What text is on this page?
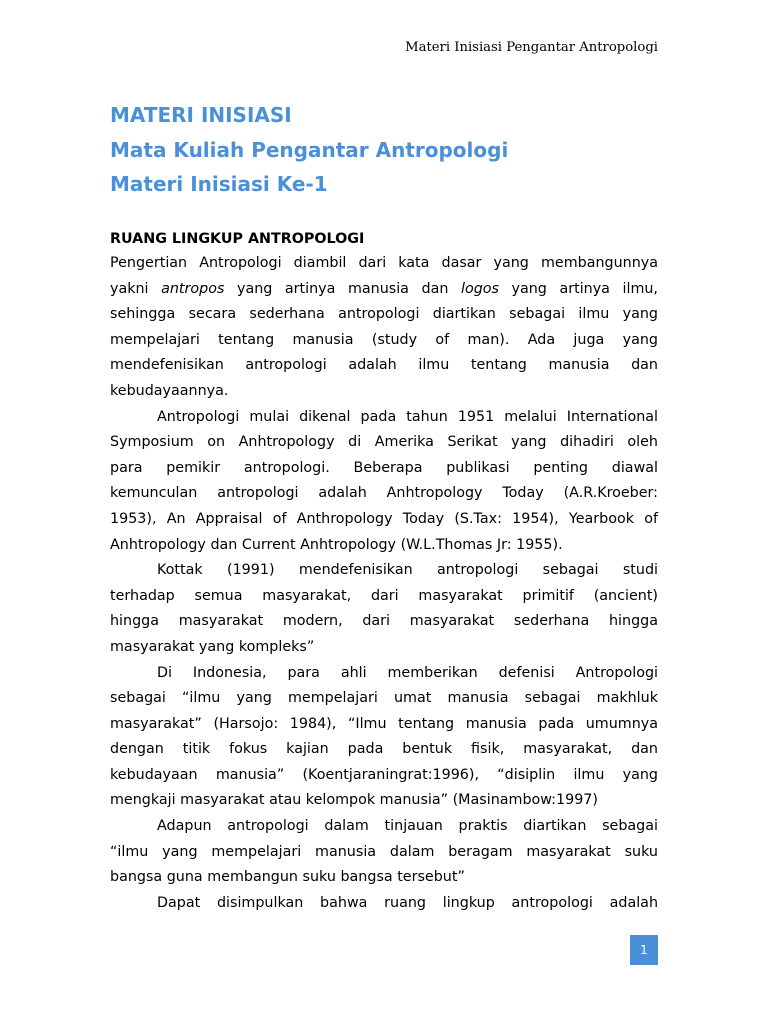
Materi Inisiasi Pengantar Antropologi
MATERI INISIASI
Mata Kuliah Pengantar Antropologi
Materi Inisiasi Ke-1
RUANG LINGKUP ANTROPOLOGI
Pengertian Antropologi diambil dari kata dasar yang membangunnya
yakni antropos yang artinya manusia dan logos yang artinya ilmu,
sehingga secara sederhana antropologi diartikan sebagai ilmu yang
mempelajari tentang manusia (study of man). Ada juga yang
mendefenisikan antropologi adalah ilmu tentang manusia dan
kebudayaannya.
Antropologi mulai dikenal pada tahun 1951 melalui International
Symposium on Anhtropology di Amerika Serikat yang dihadiri oleh
para pemikir antropologi. Beberapa publikasi penting diawal
kemunculan antropologi adalah Anhtropology Today (A.R.Kroeber:
1953), An Appraisal of Anthropology Today (S.Tax: 1954), Yearbook of
Anhtropology dan Current Anhtropology (W.L.Thomas Jr: 1955).
Kottak (1991) mendefenisikan antropologi sebagai studi
terhadap semua masyarakat, dari masyarakat primitif (ancient)
hingga masyarakat modern, dari masyarakat sederhana hingga
masyarakat yang kompleks”
Di Indonesia, para ahli memberikan defenisi Antropologi
sebagai “ilmu yang mempelajari umat manusia sebagai makhluk
masyarakat” (Harsojo: 1984), “Ilmu tentang manusia pada umumnya
dengan titik fokus kajian pada bentuk fisik, masyarakat, dan
kebudayaan manusia” (Koentjaraningrat:1996), “disiplin ilmu yang
mengkaji masyarakat atau kelompok manusia” (Masinambow:1997)
Adapun antropologi dalam tinjauan praktis diartikan sebagai
“ilmu yang mempelajari manusia dalam beragam masyarakat suku
bangsa guna membangun suku bangsa tersebut”
Dapat disimpulkan bahwa ruang lingkup antropologi adalah
1
